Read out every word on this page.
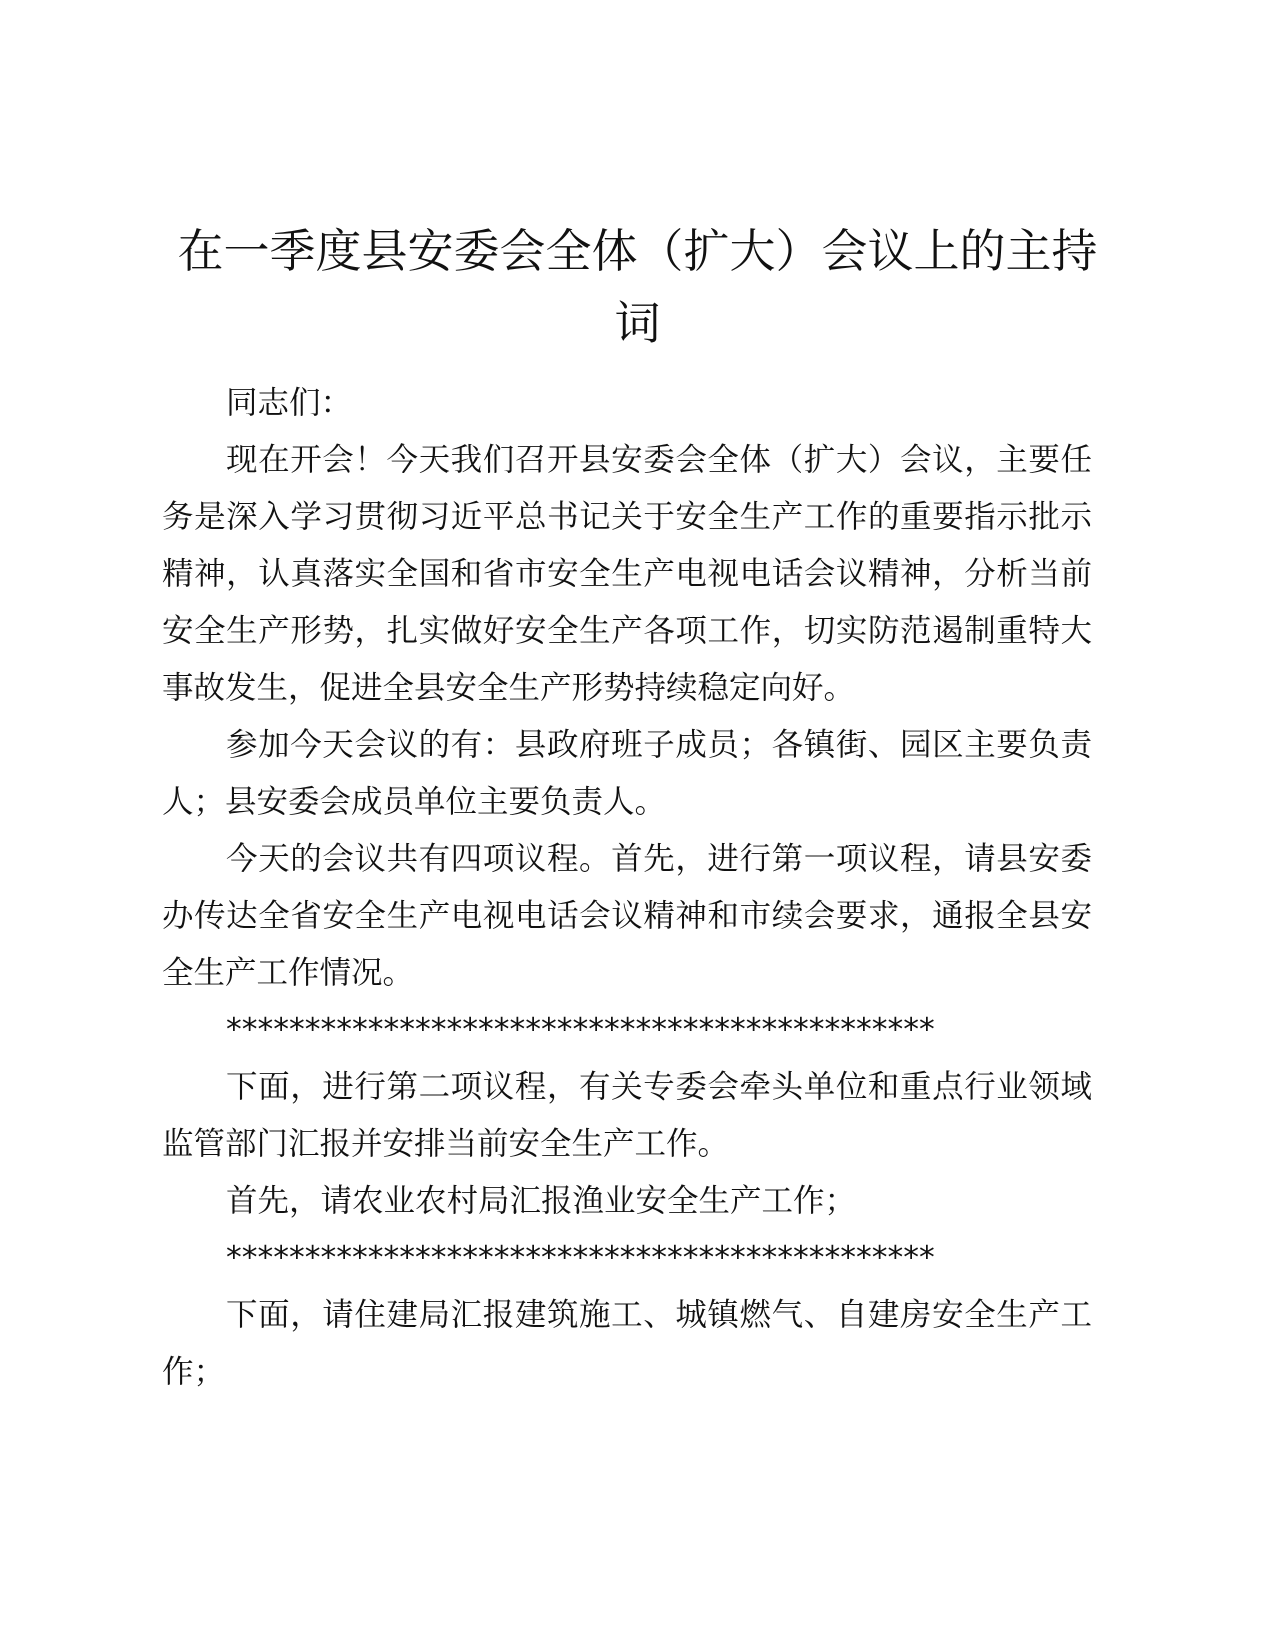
在一季度县安委会全体（扩大）会议上的主持词

同志们：

现在开会！今天我们召开县安委会全体（扩大）会议，主要任务是深入学习贯彻习近平总书记关于安全生产工作的重要指示批示精神，认真落实全国和省市安全生产电视电话会议精神，分析当前安全生产形势，扎实做好安全生产各项工作，切实防范遏制重特大事故发生，促进全县安全生产形势持续稳定向好。

参加今天会议的有：县政府班子成员；各镇街、园区主要负责人；县安委会成员单位主要负责人。

今天的会议共有四项议程。首先，进行第一项议程，请县安委办传达全省安全生产电视电话会议精神和市续会要求，通报全县安全生产工作情况。

*********************************************

下面，进行第二项议程，有关专委会牵头单位和重点行业领域监管部门汇报并安排当前安全生产工作。

首先，请农业农村局汇报渔业安全生产工作；

*********************************************

下面，请住建局汇报建筑施工、城镇燃气、自建房安全生产工作；
